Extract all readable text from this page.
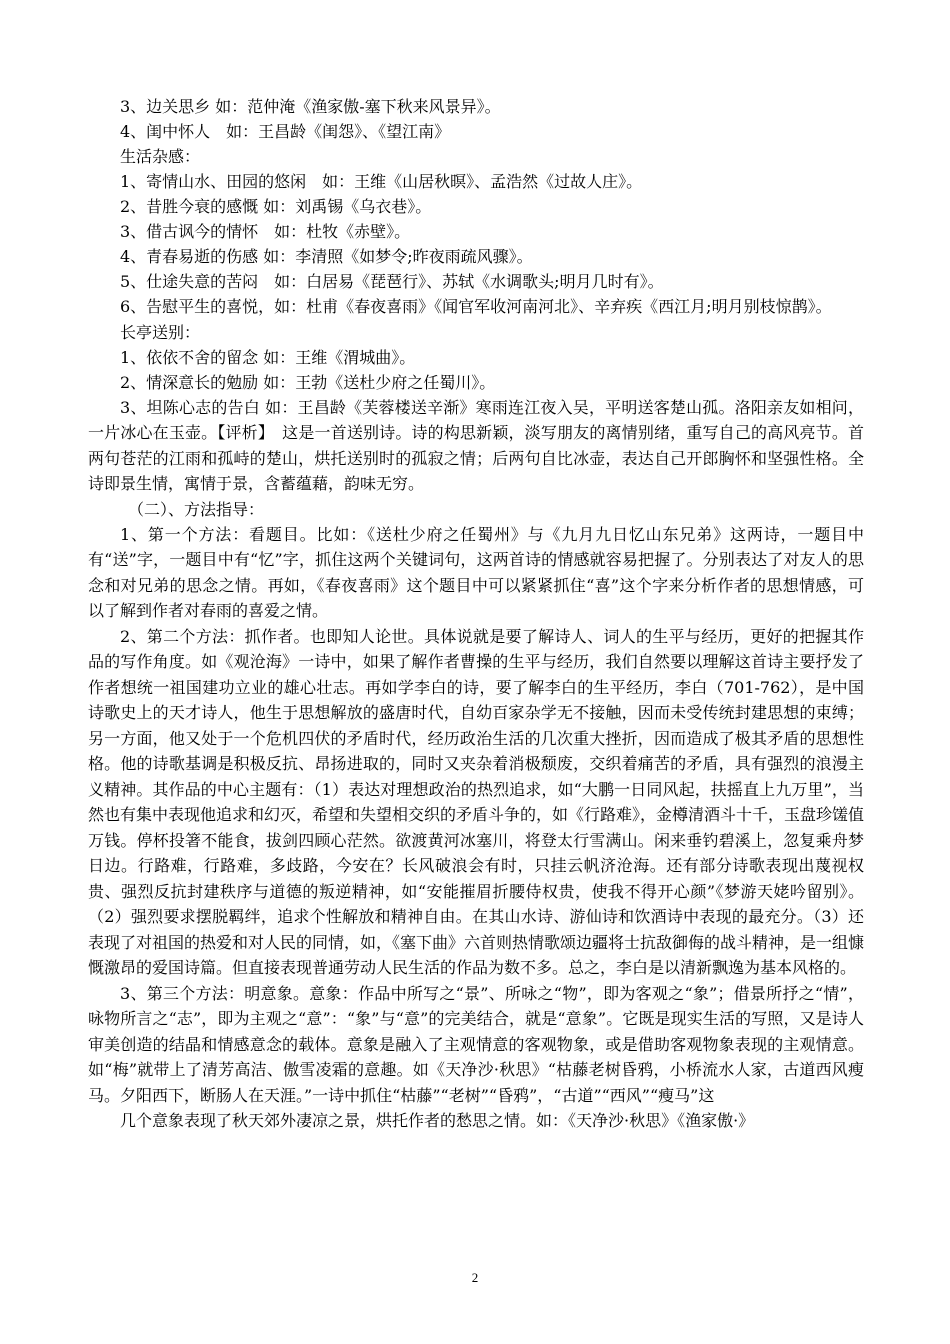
3、边关思乡 如：范仲淹《渔家傲-塞下秋来风景异》。
4、闺中怀人　如：王昌龄《闺怨》、《望江南》
生活杂感：
1、寄情山水、田园的悠闲　如：王维《山居秋暝》、孟浩然《过故人庄》。
2、昔胜今衰的感慨 如：刘禹锡《乌衣巷》。
3、借古讽今的情怀　如：杜牧《赤壁》。
4、青春易逝的伤感 如：李清照《如梦令;昨夜雨疏风骤》。
5、仕途失意的苦闷　如：白居易《琵琶行》、苏轼《水调歌头;明月几时有》。

6、告慰平生的喜悦，如：杜甫《春夜喜雨》《闻官军收河南河北》、辛弃疾《西江月;明月别枝惊鹊》。

长亭送别：
1、依依不舍的留念 如：王维《渭城曲》。
2、情深意长的勉励 如：王勃《送杜少府之任蜀川》。

3、坦陈心志的告白 如：王昌龄《芙蓉楼送辛渐》寒雨连江夜入吴，平明送客楚山孤。洛阳亲友如相问，一片冰心在玉壶。【评析】　这是一首送别诗。诗的构思新颖，淡写朋友的离情别绪，重写自己的高风亮节。首两句苍茫的江雨和孤峙的楚山，烘托送别时的孤寂之情；后两句自比冰壶，表达自己开郎胸怀和坚强性格。全诗即景生情，寓情于景，含蓄蕴藉，韵味无穷。

（二）、方法指导：

1、第一个方法：看题目。比如：《送杜少府之任蜀州》与《九月九日忆山东兄弟》这两诗，一题目中有“送”字，一题目中有“忆”字，抓住这两个关键词句，这两首诗的情感就容易把握了。分别表达了对友人的思念和对兄弟的思念之情。再如，《春夜喜雨》这个题目中可以紧紧抓住“喜”这个字来分析作者的思想情感，可以了解到作者对春雨的喜爱之情。

2、第二个方法：抓作者。也即知人论世。具体说就是要了解诗人、词人的生平与经历，更好的把握其作品的写作角度。如《观沧海》一诗中，如果了解作者曹操的生平与经历，我们自然要以理解这首诗主要抒发了作者想统一祖国建功立业的雄心壮志。再如学李白的诗，要了解李白的生平经历，李白（701-762），是中国诗歌史上的天才诗人，他生于思想解放的盛唐时代，自幼百家杂学无不接触，因而未受传统封建思想的束缚；另一方面，他又处于一个危机四伏的矛盾时代，经历政治生活的几次重大挫折，因而造成了极其矛盾的思想性格。他的诗歌基调是积极反抗、昂扬进取的，同时又夹杂着消极颓废，交织着痛苦的矛盾，具有强烈的浪漫主义精神。其作品的中心主题有：（1）表达对理想政治的热烈追求，如“大鹏一日同风起，扶摇直上九万里”，当然也有集中表现他追求和幻灭，希望和失望相交织的矛盾斗争的，如《行路难》，金樽清酒斗十千，玉盘珍馐值万钱。停杯投箸不能食，拔剑四顾心茫然。欲渡黄河冰塞川，将登太行雪满山。闲来垂钓碧溪上，忽复乘舟梦日边。行路难，行路难，多歧路，今安在？长风破浪会有时，只挂云帆济沧海。还有部分诗歌表现出蔑视权贵、强烈反抗封建秩序与道德的叛逆精神，如“安能摧眉折腰侍权贵，使我不得开心颜”《梦游天姥吟留别》。（2）强烈要求摆脱羁绊，追求个性解放和精神自由。在其山水诗、游仙诗和饮酒诗中表现的最充分。（3）还表现了对祖国的热爱和对人民的同情，如，《塞下曲》六首则热情歌颂边疆将士抗敌御侮的战斗精神，是一组慷慨激昂的爱国诗篇。但直接表现普通劳动人民生活的作品为数不多。总之，李白是以清新飘逸为基本风格的。

3、第三个方法：明意象。意象：作品中所写之“景”、所咏之“物”，即为客观之“象”；借景所抒之“情”，咏物所言之“志”，即为主观之“意”：“象”与“意”的完美结合，就是“意象”。它既是现实生活的写照，又是诗人审美创造的结晶和情感意念的载体。意象是融入了主观情意的客观物象，或是借助客观物象表现的主观情意。如“梅”就带上了清芳高洁、傲雪凌霜的意趣。如《天净沙·秋思》“枯藤老树昏鸦，小桥流水人家，古道西风瘦马。夕阳西下，断肠人在天涯。”一诗中抓住“枯藤”“老树”“昏鸦”，“古道”“西风”“瘦马”这

几个意象表现了秋天郊外凄凉之景，烘托作者的愁思之情。如：《天净沙·秋思》《渔家傲·》

2
